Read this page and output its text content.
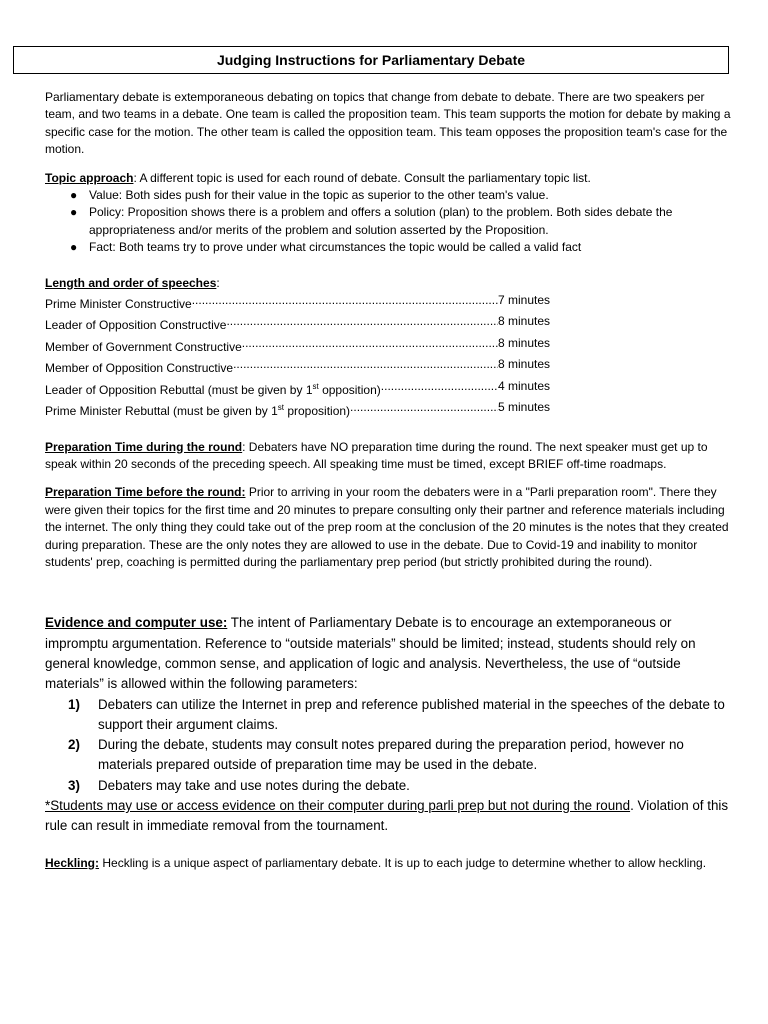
Judging Instructions for Parliamentary Debate

Parliamentary debate is extemporaneous debating on topics that change from debate to debate. There are two speakers per team, and two teams in a debate. One team is called the proposition team. This team supports the motion for debate by making a specific case for the motion. The other team is called the opposition team. This team opposes the proposition team's case for the motion.

Topic approach: A different topic is used for each round of debate. Consult the parliamentary topic list.

● Value: Both sides push for their value in the topic as superior to the other team's value.
● Policy: Proposition shows there is a problem and offers a solution (plan) to the problem. Both sides debate the appropriateness and/or merits of the problem and solution asserted by the Proposition.
● Fact: Both teams try to prove under what circumstances the topic would be called a valid fact

Length and order of speeches:

Prime Minister Constructive .....	7 minutes
Leader of Opposition Constructive .....	8 minutes
Member of Government Constructive .....	8 minutes
Member of Opposition Constructive .....	8 minutes
Leader of Opposition Rebuttal (must be given by 1st opposition) .....	4 minutes
Prime Minister Rebuttal (must be given by 1st proposition) .....	5 minutes

Preparation Time during the round: Debaters have NO preparation time during the round. The next speaker must get up to speak within 20 seconds of the preceding speech. All speaking time must be timed, except BRIEF off-time roadmaps.

Preparation Time before the round: Prior to arriving in your room the debaters were in a "Parli preparation room". There they were given their topics for the first time and 20 minutes to prepare consulting only their partner and reference materials including the internet. The only thing they could take out of the prep room at the conclusion of the 20 minutes is the notes that they created during preparation. These are the only notes they are allowed to use in the debate. Due to Covid-19 and inability to monitor students' prep, coaching is permitted during the parliamentary prep period (but strictly prohibited during the round).

Evidence and computer use: The intent of Parliamentary Debate is to encourage an extemporaneous or impromptu argumentation. Reference to “outside materials” should be limited; instead, students should rely on general knowledge, common sense, and application of logic and analysis. Nevertheless, the use of “outside materials” is allowed within the following parameters:

1) Debaters can utilize the Internet in prep and reference published material in the speeches of the debate to support their argument claims.
2) During the debate, students may consult notes prepared during the preparation period, however no materials prepared outside of preparation time may be used in the debate.
3) Debaters may take and use notes during the debate.

*Students may use or access evidence on their computer during parli prep but not during the round. Violation of this rule can result in immediate removal from the tournament.

Heckling: Heckling is a unique aspect of parliamentary debate. It is up to each judge to determine whether to allow heckling.
